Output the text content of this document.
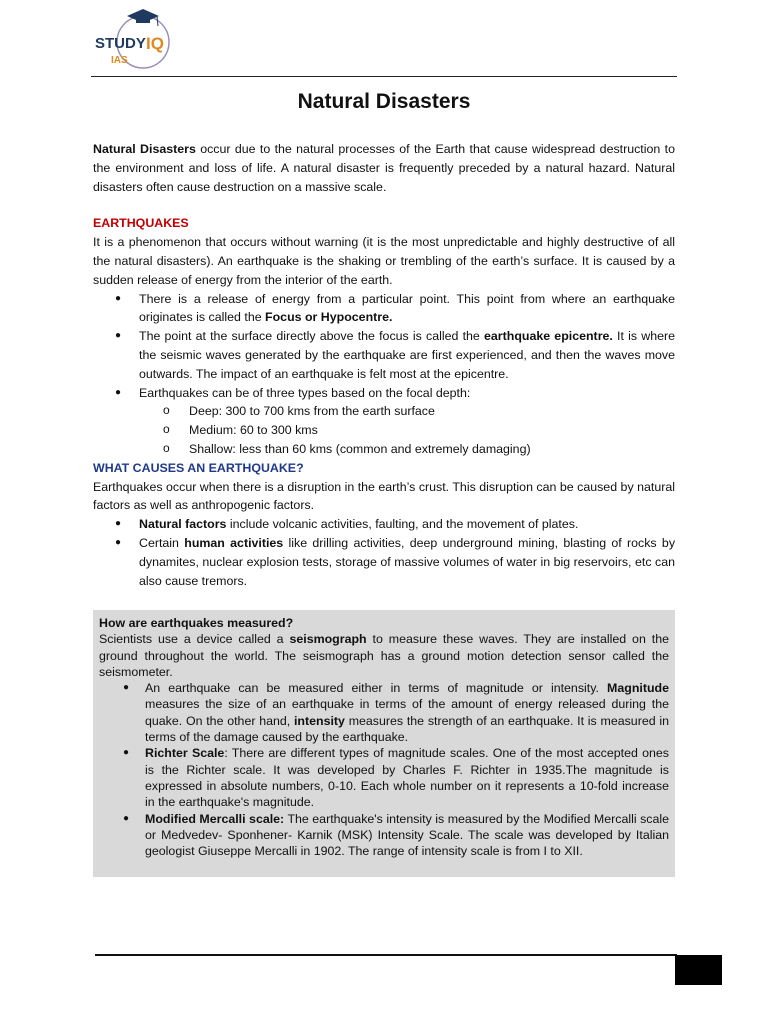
STUDY IQ
IAS
Natural Disasters

Natural Disasters occur due to the natural processes of the Earth that cause widespread destruction to the environment and loss of life. A natural disaster is frequently preceded by a natural hazard. Natural disasters often cause destruction on a massive scale.

EARTHQUAKES

It is a phenomenon that occurs without warning (it is the most unpredictable and highly destructive of all the natural disasters). An earthquake is the shaking or trembling of the earth’s surface. It is caused by a sudden release of energy from the interior of the earth.

● There is a release of energy from a particular point. This point from where an earthquake originates is called the Focus or Hypocentre.
● The point at the surface directly above the focus is called the earthquake epicentre. It is where the seismic waves generated by the earthquake are first experienced, and then the waves move outwards. The impact of an earthquake is felt most at the epicentre.
● Earthquakes can be of three types based on the focal depth:
o Deep: 300 to 700 kms from the earth surface
o Medium: 60 to 300 kms
o Shallow: less than 60 kms (common and extremely damaging)
WHAT CAUSES AN EARTHQUAKE?

Earthquakes occur when there is a disruption in the earth’s crust. This disruption can be caused by natural factors as well as anthropogenic factors.

● Natural factors include volcanic activities, faulting, and the movement of plates.
● Certain human activities like drilling activities, deep underground mining, blasting of rocks by dynamites, nuclear explosion tests, storage of massive volumes of water in big reservoirs, etc can also cause tremors.
How are earthquakes measured?

Scientists use a device called a seismograph to measure these waves. They are installed on the ground throughout the world. The seismograph has a ground motion detection sensor called the seismometer.

● An earthquake can be measured either in terms of magnitude or intensity. Magnitude measures the size of an earthquake in terms of the amount of energy released during the quake. On the other hand, intensity measures the strength of an earthquake. It is measured in terms of the damage caused by the earthquake.
● Richter Scale: There are different types of magnitude scales. One of the most accepted ones is the Richter scale. It was developed by Charles F. Richter in 1935.The magnitude is expressed in absolute numbers, 0-10. Each whole number on it represents a 10-fold increase in the earthquake's magnitude.
● Modified Mercalli scale: The earthquake's intensity is measured by the Modified Mercalli scale or Medvedev- Sponhener- Karnik (MSK) Intensity Scale. The scale was developed by Italian geologist Giuseppe Mercalli in 1902. The range of intensity scale is from I to XII.
